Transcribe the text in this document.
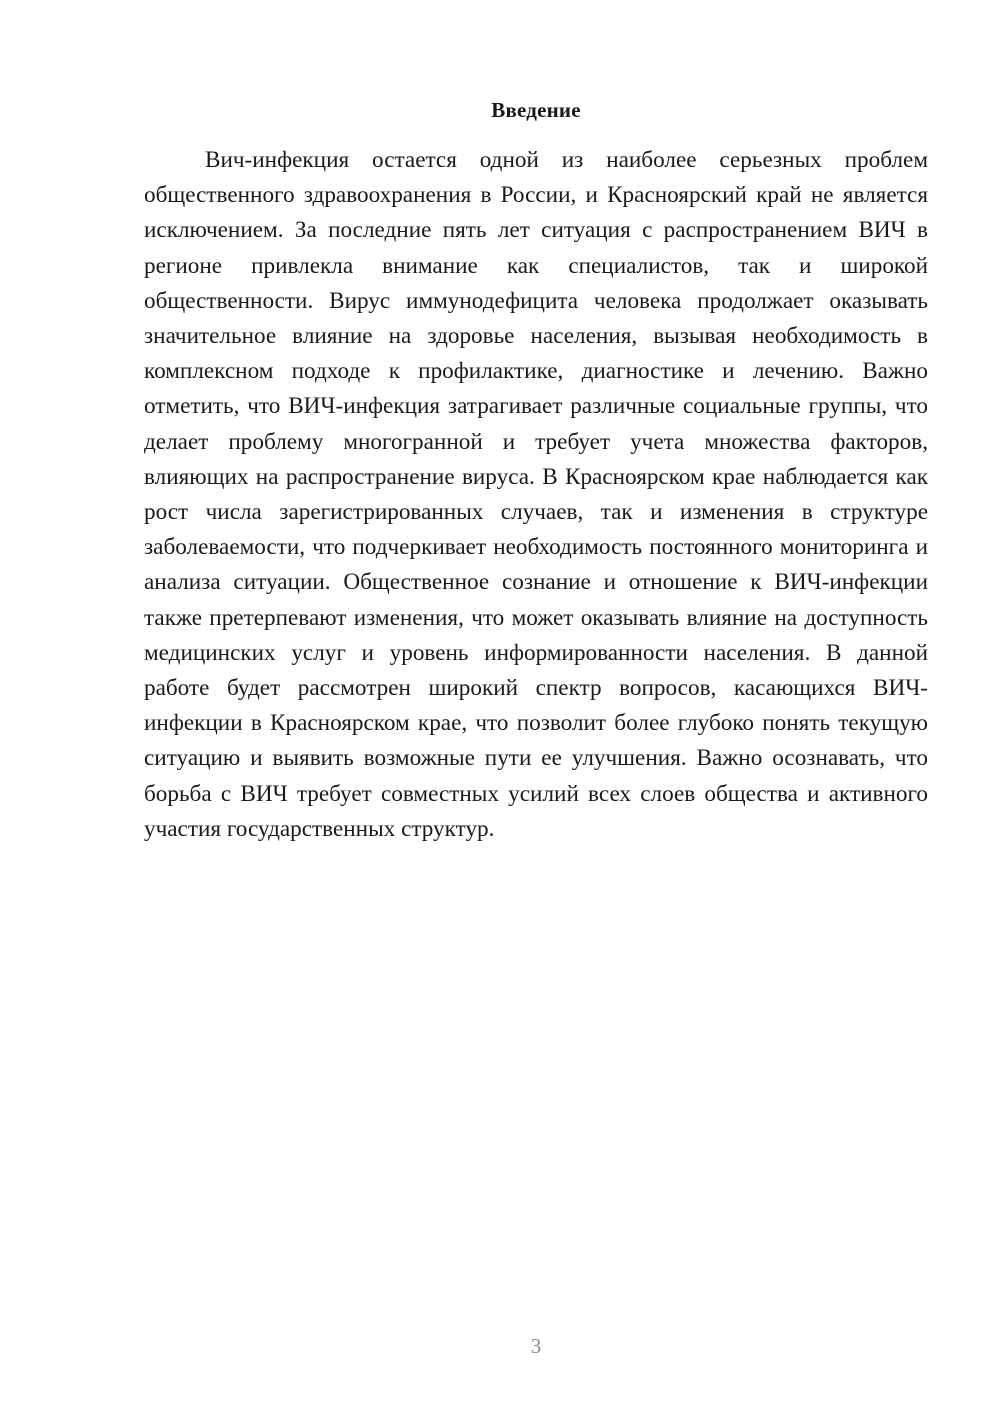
Введение

Вич-инфекция остается одной из наиболее серьезных проблем общественного здравоохранения в России, и Красноярский край не является исключением. За последние пять лет ситуация с распространением ВИЧ в регионе привлекла внимание как специалистов, так и широкой общественности. Вирус иммунодефицита человека продолжает оказывать значительное влияние на здоровье населения, вызывая необходимость в комплексном подходе к профилактике, диагностике и лечению. Важно отметить, что ВИЧ-инфекция затрагивает различные социальные группы, что делает проблему многогранной и требует учета множества факторов, влияющих на распространение вируса. В Красноярском крае наблюдается как рост числа зарегистрированных случаев, так и изменения в структуре заболеваемости, что подчеркивает необходимость постоянного мониторинга и анализа ситуации. Общественное сознание и отношение к ВИЧ-инфекции также претерпевают изменения, что может оказывать влияние на доступность медицинских услуг и уровень информированности населения. В данной работе будет рассмотрен широкий спектр вопросов, касающихся ВИЧ-инфекции в Красноярском крае, что позволит более глубоко понять текущую ситуацию и выявить возможные пути ее улучшения. Важно осознавать, что борьба с ВИЧ требует совместных усилий всех слоев общества и активного участия государственных структур.

3
